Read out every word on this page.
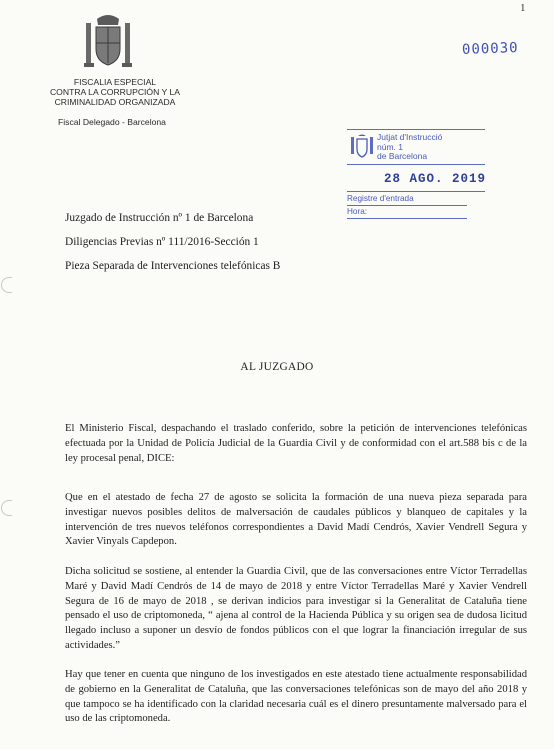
1
000030
FISCALIA ESPECIAL
CONTRA LA CORRUPCIÓN Y LA
CRIMINALIDAD ORGANIZADA
Fiscal Delegado - Barcelona
Jutjat d'Instrucció
núm. 1
de Barcelona
28 AGO. 2019
Registre d'entrada
Hora:
Juzgado de Instrucción nº 1 de Barcelona
Diligencias Previas nº 111/2016-Sección 1
Pieza Separada de Intervenciones telefónicas B
AL JUZGADO

El Ministerio Fiscal, despachando el traslado conferido, sobre la petición de intervenciones telefónicas efectuada por la Unidad de Policía Judicial de la Guardia Civil y de conformidad con el art.588 bis c de la ley procesal penal, DICE:

Que en el atestado de fecha 27 de agosto se solicita la formación de una nueva pieza separada para investigar nuevos posibles delitos de malversación de caudales públicos y blanqueo de capitales y la intervención de tres nuevos teléfonos correspondientes a David Madí Cendrós, Xavier Vendrell Segura y Xavier Vinyals Capdepon.

Dicha solicitud se sostiene, al entender la Guardia Civil, que de las conversaciones entre Víctor Terradellas Maré y David Madí Cendrós de 14 de mayo de 2018 y entre Víctor Terradellas Maré y Xavier Vendrell Segura de 16 de mayo de 2018 , se derivan indicios para investigar si la Generalitat de Cataluña tiene pensado el uso de criptomoneda, “ ajena al control de la Hacienda Pública y su origen sea de dudosa licitud llegado incluso a suponer un desvío de fondos públicos con el que lograr la financiación irregular de sus actividades.”

Hay que tener en cuenta que ninguno de los investigados en este atestado tiene actualmente responsabilidad de gobierno en la Generalitat de Cataluña, que las conversaciones telefónicas son de mayo del año 2018 y que tampoco se ha identificado con la claridad necesaria cuál es el dinero presuntamente malversado para el uso de las criptomoneda.
